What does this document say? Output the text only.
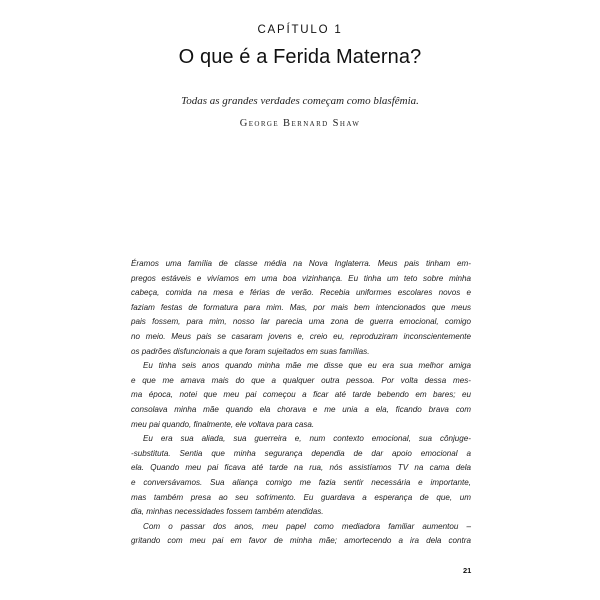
CAPÍTULO 1
O que é a Ferida Materna?
Todas as grandes verdades começam como blasfêmia.
George Bernard Shaw
Éramos uma família de classe média na Nova Inglaterra. Meus pais tinham em-
pregos estáveis e vivíamos em uma boa vizinhança. Eu tinha um teto sobre minha
cabeça, comida na mesa e férias de verão. Recebia uniformes escolares novos e
faziam festas de formatura para mim. Mas, por mais bem intencionados que meus
pais fossem, para mim, nosso lar parecia uma zona de guerra emocional, comigo
no meio. Meus pais se casaram jovens e, creio eu, reproduziram inconscientemente
os padrões disfuncionais a que foram sujeitados em suas famílias.
Eu tinha seis anos quando minha mãe me disse que eu era sua melhor amiga
e que me amava mais do que a qualquer outra pessoa. Por volta dessa mes-
ma época, notei que meu pai começou a ficar até tarde bebendo em bares; eu
consolava minha mãe quando ela chorava e me unia a ela, ficando brava com
meu pai quando, finalmente, ele voltava para casa.
Eu era sua aliada, sua guerreira e, num contexto emocional, sua cônjuge-
-substituta. Sentia que minha segurança dependia de dar apoio emocional a
ela. Quando meu pai ficava até tarde na rua, nós assistíamos TV na cama dela
e conversávamos. Sua aliança comigo me fazia sentir necessária e importante,
mas também presa ao seu sofrimento. Eu guardava a esperança de que, um
dia, minhas necessidades fossem também atendidas.
Com o passar dos anos, meu papel como mediadora familiar aumentou –
gritando com meu pai em favor de minha mãe; amortecendo a ira dela contra
21
